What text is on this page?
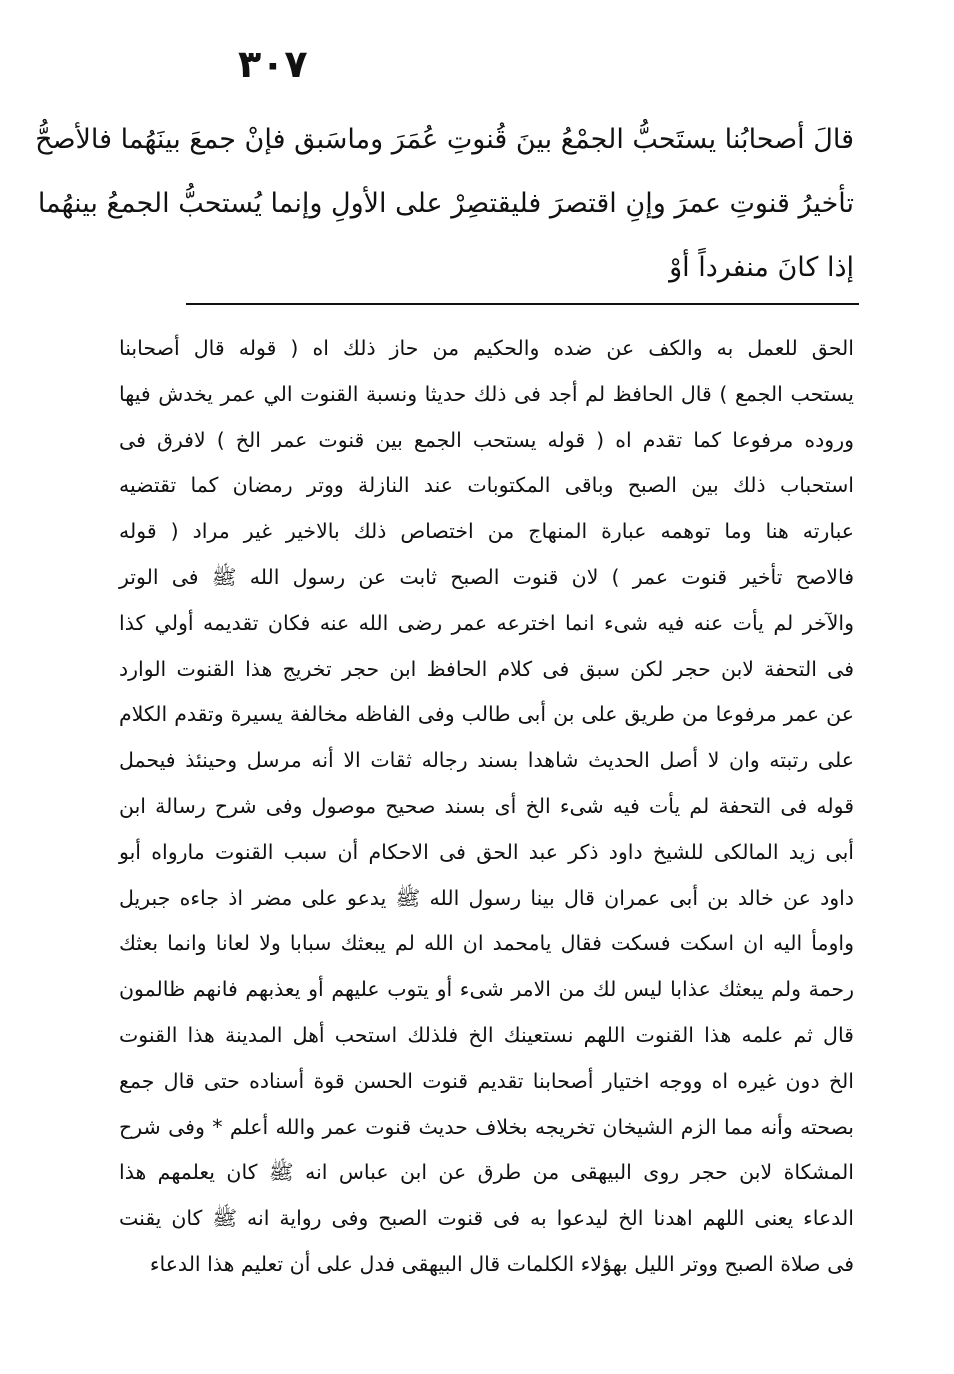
٣٠٧
قالَ أصحابُنا يستَحبُّ الجمْعُ بينَ قُنوتِ عُمَرَ وماسَبق فإنْ جمعَ بينَهُما فالأصحُّ
تأخيرُ قنوتِ عمرَ وإنِ اقتصرَ فليقتصِرْ على الأولِ وإنما يُستحبُّ الجمعُ بينهُما
إذا كانَ منفرداً أوْ
الحق للعمل به والكف عن ضده والحكيم من حاز ذلك اه ( قوله قال أصحابنا
يستحب الجمع ) قال الحافظ لم أجد فى ذلك حديثا ونسبة القنوت الي عمر يخدش فيها
وروده مرفوعا كما تقدم اه ( قوله يستحب الجمع بين قنوت عمر الخ ) لافرق فى
استحباب ذلك بين الصبح وباقى المكتوبات عند النازلة ووتر رمضان كما تقتضيه
عبارته هنا وما توهمه عبارة المنهاج من اختصاص ذلك بالاخير غير مراد ( قوله
فالاصح تأخير قنوت عمر ) لان قنوت الصبح ثابت عن رسول الله ﷺ فى الوتر
والآخر لم يأت عنه فيه شىء انما اخترعه عمر رضى الله عنه فكان تقديمه أولي كذا
فى التحفة لابن حجر لكن سبق فى كلام الحافظ ابن حجر تخريج هذا القنوت الوارد
عن عمر مرفوعا من طريق على بن أبى طالب وفى الفاظه مخالفة يسيرة وتقدم الكلام
على رتبته وان لا أصل الحديث شاهدا بسند رجاله ثقات الا أنه مرسل وحينئذ فيحمل
قوله فى التحفة لم يأت فيه شىء الخ أى بسند صحيح موصول وفى شرح رسالة ابن
أبى زيد المالكى للشيخ داود ذكر عبد الحق فى الاحكام أن سبب القنوت مارواه أبو
داود عن خالد بن أبى عمران قال بينا رسول الله ﷺ يدعو على مضر اذ جاءه جبريل
واومأ اليه ان اسكت فسكت فقال يامحمد ان الله لم يبعثك سبابا ولا لعانا وانما بعثك
رحمة ولم يبعثك عذابا ليس لك من الامر شىء أو يتوب عليهم أو يعذبهم فانهم ظالمون
قال ثم علمه هذا القنوت اللهم نستعينك الخ فلذلك استحب أهل المدينة هذا القنوت
الخ دون غيره اه ووجه اختيار أصحابنا تقديم قنوت الحسن قوة أسناده حتى قال جمع
بصحته وأنه مما الزم الشيخان تخريجه بخلاف حديث قنوت عمر والله أعلم * وفى شرح
المشكاة لابن حجر روى البيهقى من طرق عن ابن عباس انه ﷺ كان يعلمهم هذا
الدعاء يعنى اللهم اهدنا الخ ليدعوا به فى قنوت الصبح وفى رواية انه ﷺ كان يقنت
فى صلاة الصبح ووتر الليل بهؤلاء الكلمات قال البيهقى فدل على أن تعليم هذا الدعاء
